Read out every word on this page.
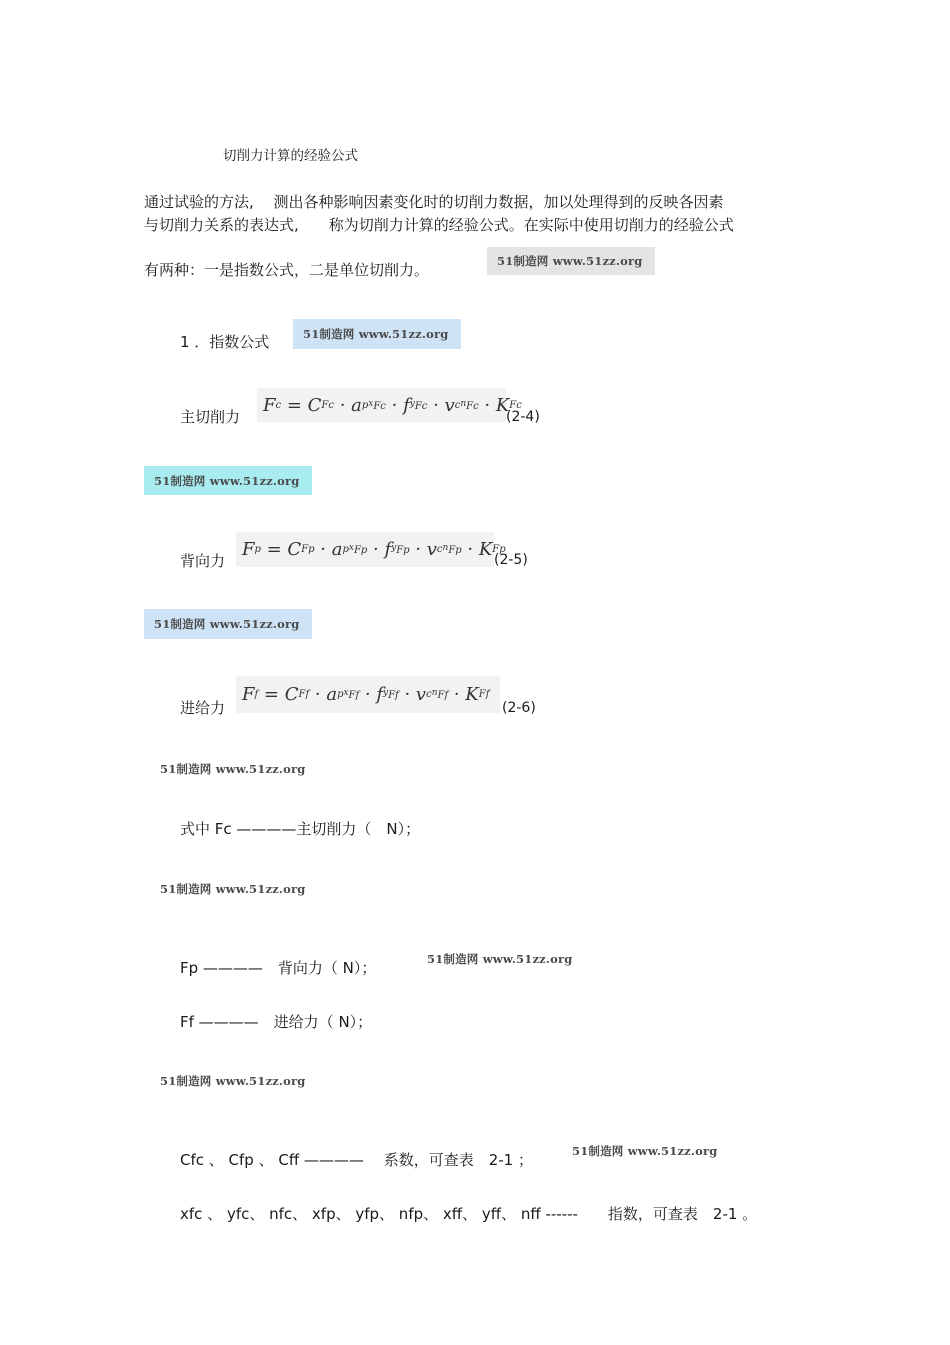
切削力计算的经验公式
通过试验的方法,　 测出各种影响因素变化时的切削力数据，加以处理得到的反映各因素
与切削力关系的表达式,　　称为切削力计算的经验公式。在实际中使用切削力的经验公式
有两种：一是指数公式，二是单位切削力。	51制造网 www.51zz.org
1 ．指数公式	51制造网 www.51zz.org
主切削力
F c = C Fc · a p $x_{Fc} \cdot f$ $y_{Fc} \cdot v$ c $n_{Fc} \cdot K$ Fc
(2-4)
51制造网 www.51zz.org
背向力
F p = C Fp · a p $x_{Fp} \cdot f$ $y_{Fp} \cdot v$ c $n_{Fp} \cdot K$ Fp
(2-5)
51制造网 www.51zz.org
进给力
F f = C Ff · a p $x_{Ff} \cdot f$ $y_{Ff} \cdot v$ c $n_{Ff} \cdot K$ Ff
(2-6)
51制造网 www.51zz.org
式中 Fc ————主切削力（　N）；
51制造网 www.51zz.org
Fp ————　背向力（ N）；	51制造网 www.51zz.org
Ff ————　进给力（ N）；
51制造网 www.51zz.org
Cfc 、 Cfp 、 Cff ————　 系数，可查表　2-1 ；	51制造网 www.51zz.org
xfc 、 yfc、 nfc、 xfp、 yfp、 nfp、 xff、 yff、 nff ------　　指数，可查表　2-1 。
